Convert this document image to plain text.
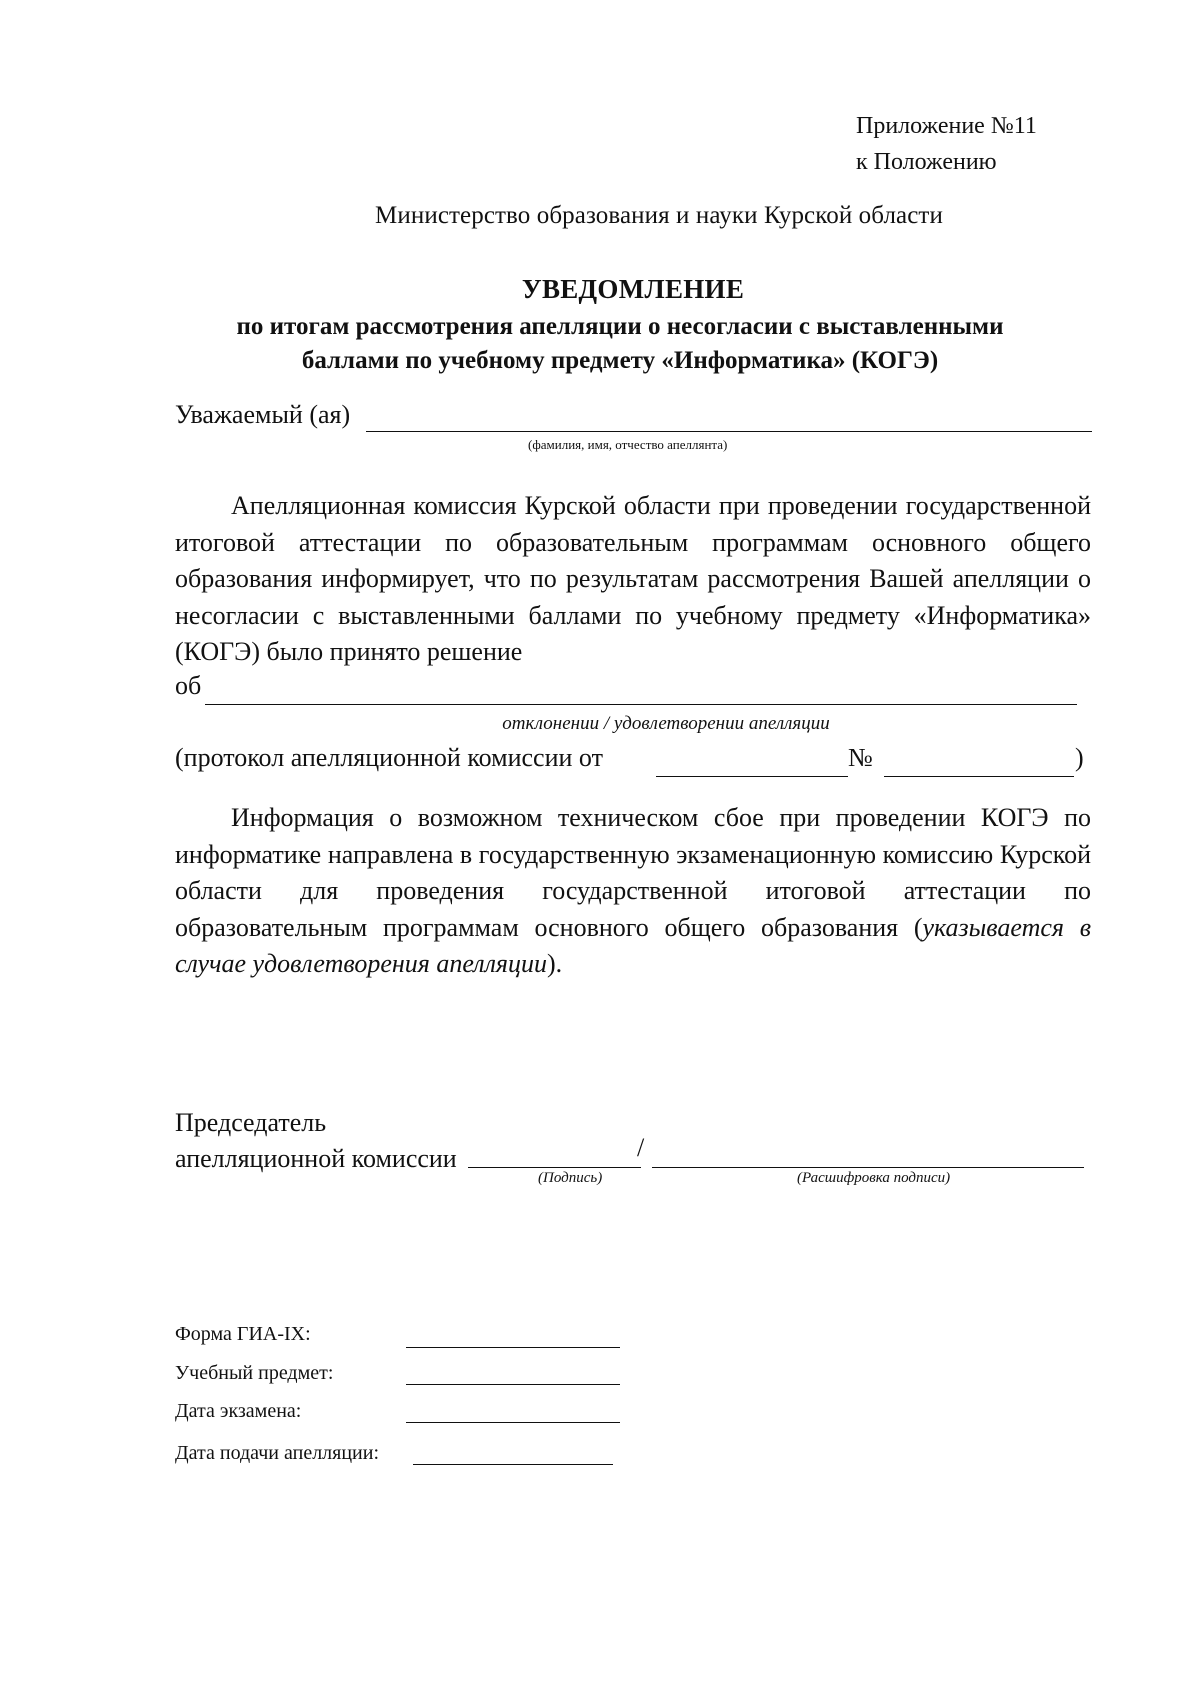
Приложение №11
к Положению
Министерство образования и науки Курской области
УВЕДОМЛЕНИЕ
по итогам рассмотрения апелляции о несогласии с выставленными
баллами по учебному предмету «Информатика» (КОГЭ)
Уважаемый (ая)
(фамилия, имя, отчество апеллянта)

Апелляционная комиссия Курской области при проведении государственной итоговой аттестации по образовательным программам основного общего образования информирует, что по результатам рассмотрения Вашей апелляции о несогласии с выставленными баллами по учебному предмету «Информатика» (КОГЭ) было принято решение

об
отклонении / удовлетворении апелляции
(протокол апелляционной комиссии от	№	)

Информация о возможном техническом сбое при проведении КОГЭ по информатике направлена в государственную экзаменационную комиссию Курской области для проведения государственной итоговой аттестации по образовательным программам основного общего образования (указывается в случае удовлетворения апелляции).

Председатель
апелляционной комиссии	/
(Подпись)	(Расшифровка подписи)
Форма ГИА-IX:
Учебный предмет:
Дата экзамена:
Дата подачи апелляции:
